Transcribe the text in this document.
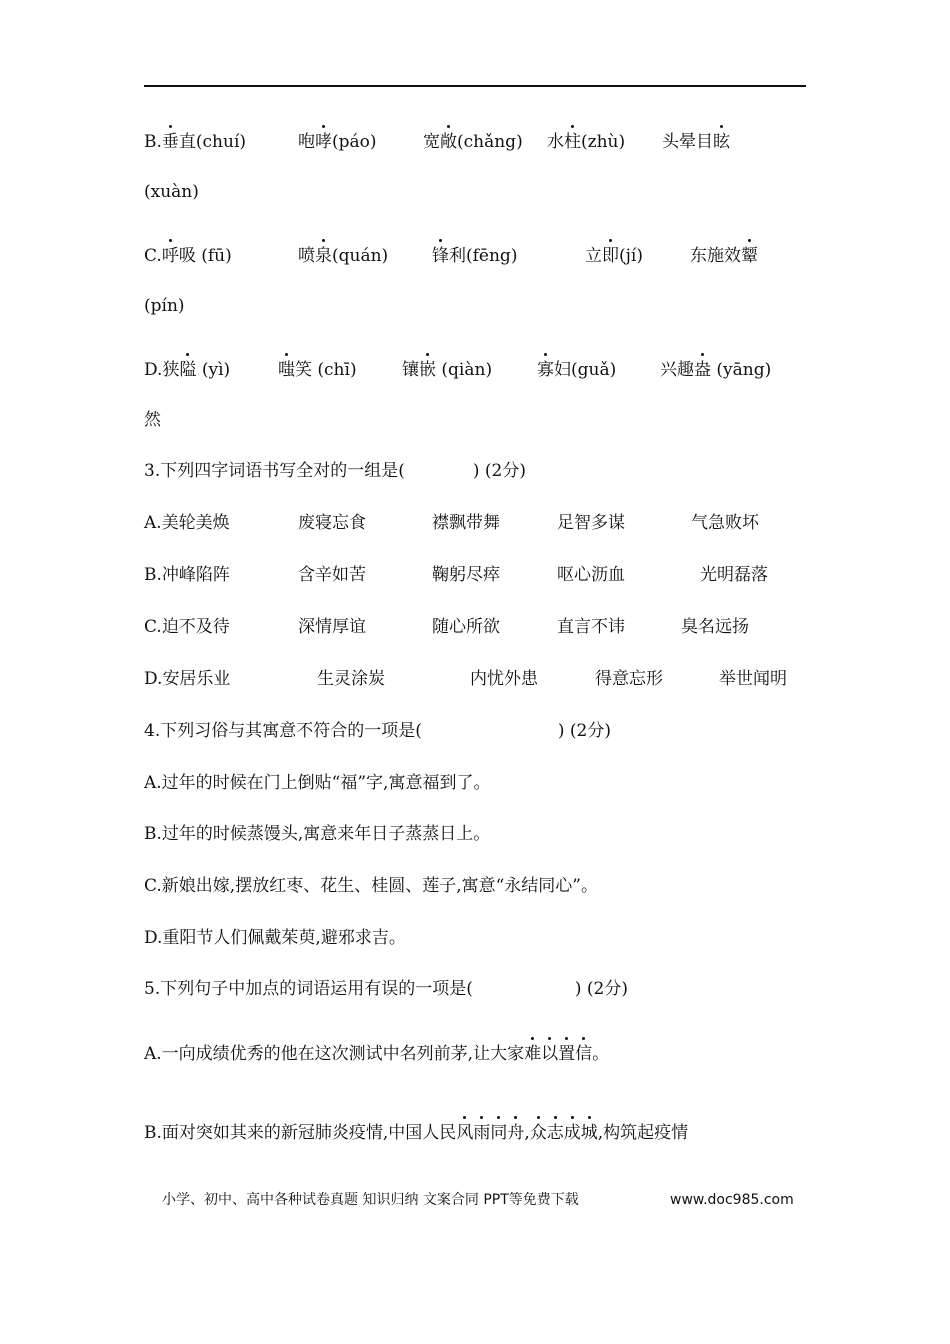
B.垂直(chuí)	咆哮(páo)	宽敞(chǎng) 水柱(zhù) 头晕目眩
(xuàn)
C.呼吸 (fū)	喷泉(quán)	锋利(fēng)	立即(jí)	东施效颦
(pín)
D.狭隘 (yì)	嗤笑 (chī)	镶嵌 (qiàn)	寡妇(guǎ)	兴趣盎 (yāng)
然
3.下列四字词语书写全对的一组是(　　　　) (2分)
A.美轮美焕	废寝忘食	襟飘带舞	足智多谋	气急败坏
B.冲峰陷阵	含辛如苦	鞠躬尽瘁	呕心沥血	光明磊落
C.迫不及待	深情厚谊	随心所欲	直言不讳	臭名远扬
D.安居乐业	生灵涂炭	内忧外患	得意忘形	举世闻明
4.下列习俗与其寓意不符合的一项是(　　　　　　　　) (2分)
A.过年的时候在门上倒贴“福”字,寓意福到了。
B.过年的时候蒸馒头,寓意来年日子蒸蒸日上。
C.新娘出嫁,摆放红枣、花生、桂圆、莲子,寓意“永结同心”。
D.重阳节人们佩戴茱萸,避邪求吉。
5.下列句子中加点的词语运用有误的一项是(　　　　　　) (2分)
A.一向成绩优秀的他在这次测试中名列前茅,让大家难以置信。
B.面对突如其来的新冠肺炎疫情,中国人民风雨同舟,众志成城,构筑起疫情
小学、初中、高中各种试卷真题 知识归纳 文案合同 PPT等免费下载	www.doc985.com
